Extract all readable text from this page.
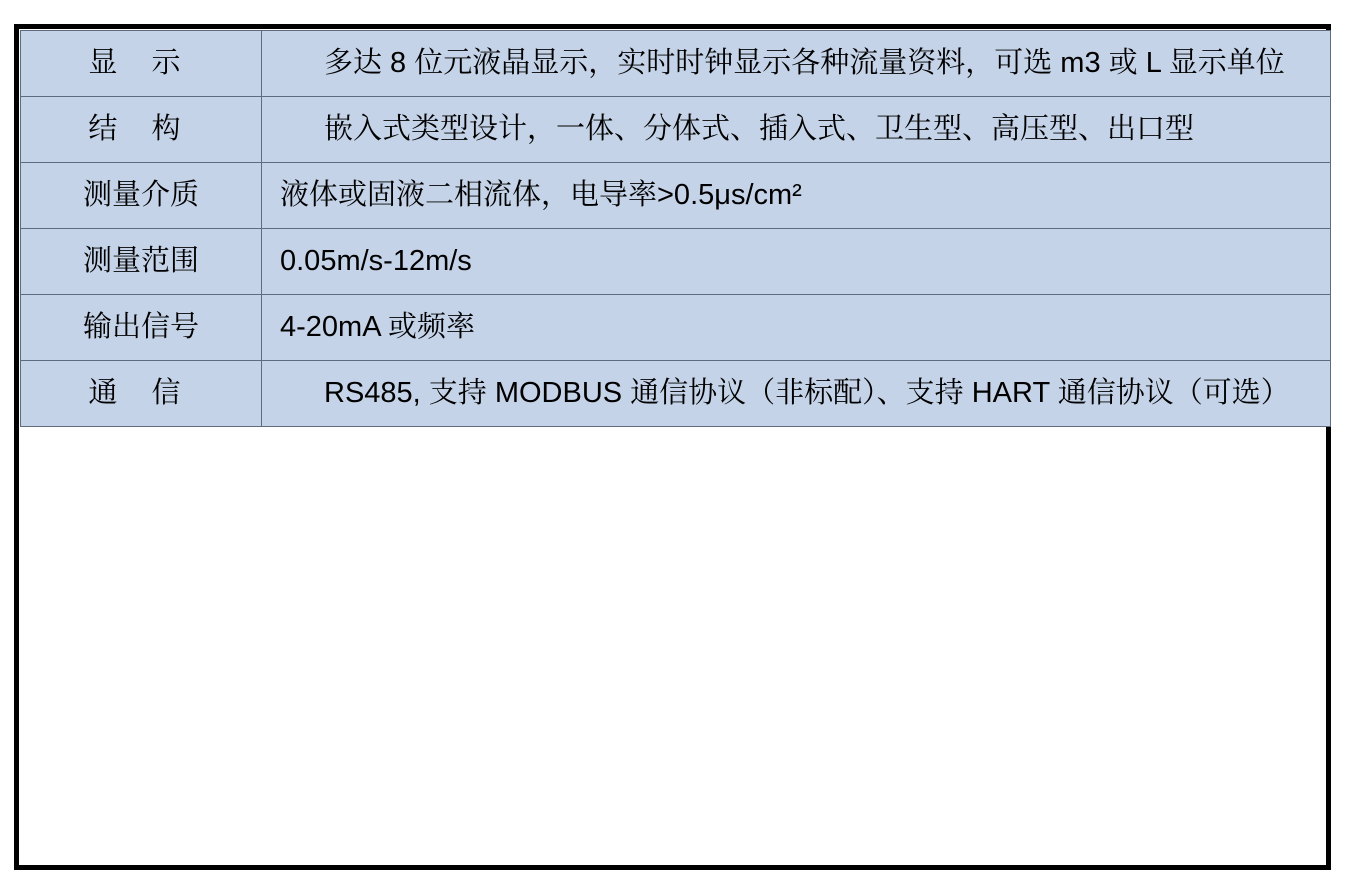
显 示	多达 8 位元液晶显示，实时时钟显示各种流量资料，可选 m3 或 L 显示单位
结 构	嵌入式类型设计，一体、分体式、插入式、卫生型、高压型、出口型
测量介质	液体或固液二相流体，电导率>0.5μs/cm²
测量范围	0.05m/s-12m/s
输出信号	4-20mA 或频率
通 信	RS485, 支持 MODBUS 通信协议（非标配）、支持 HART 通信协议（可选）
